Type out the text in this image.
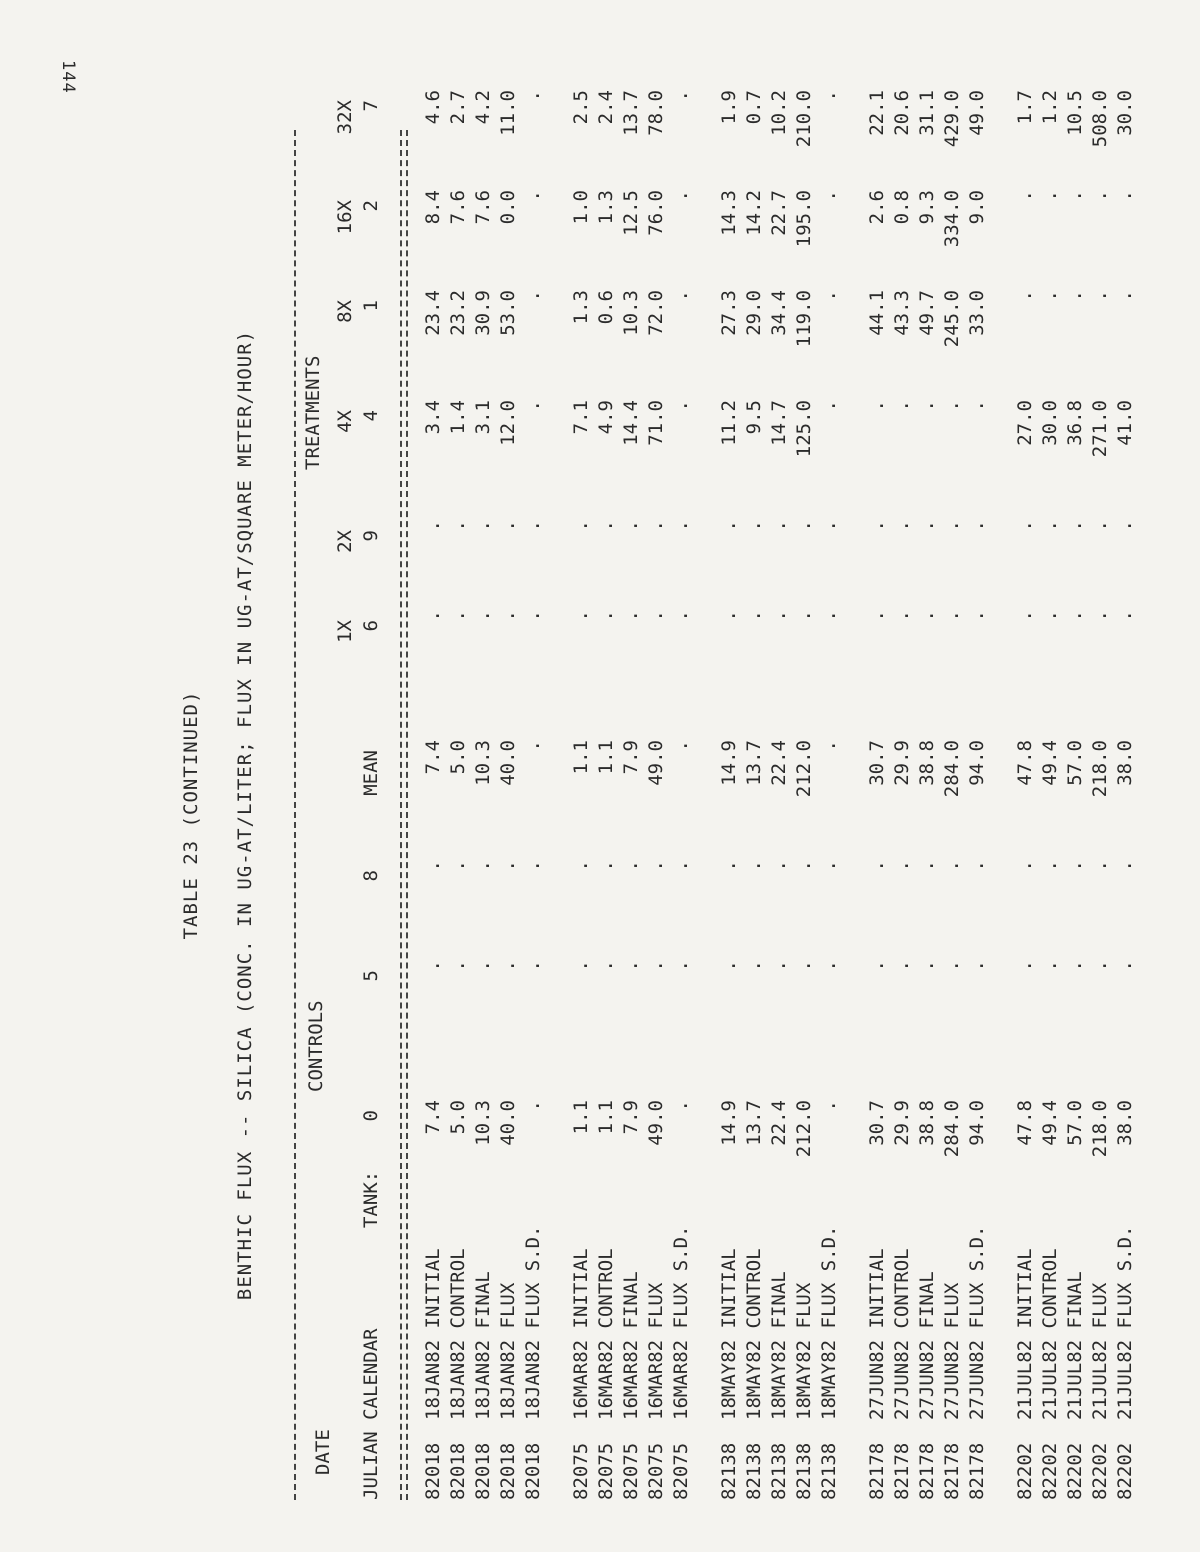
144
TABLE 23 (CONTINUED) BENTHIC FLUX -- SILICA (CONC. IN UG-AT/LITER; FLUX IN UG-AT/SQUARE METER/HOUR)
DATE
CONTROLS
TREATMENTS
1X
2X
4X
8X
16X
32X
JULIAN CALENDAR
TANK:
0
5
8
MEAN
6
9
4
1
2
7
82018
18JAN82 INITIAL
7.4
.
.
7.4
.
.
3.4
23.4
8.4
4.6
82018
18JAN82 CONTROL
5.0
.
.
5.0
.
.
1.4
23.2
7.6
2.7
82018
18JAN82 FINAL
10.3
.
.
10.3
.
.
3.1
30.9
7.6
4.2
82018
18JAN82 FLUX
40.0
.
.
40.0
.
.
12.0
53.0
0.0
11.0
82018
18JAN82 FLUX S.D.
.
.
.
.
.
.
.
.
.
.
82075
16MAR82 INITIAL
1.1
.
.
1.1
.
.
7.1
1.3
1.0
2.5
82075
16MAR82 CONTROL
1.1
.
.
1.1
.
.
4.9
0.6
1.3
2.4
82075
16MAR82 FINAL
7.9
.
.
7.9
.
.
14.4
10.3
12.5
13.7
82075
16MAR82 FLUX
49.0
.
.
49.0
.
.
71.0
72.0
76.0
78.0
82075
16MAR82 FLUX S.D.
.
.
.
.
.
.
.
.
.
.
82138
18MAY82 INITIAL
14.9
.
.
14.9
.
.
11.2
27.3
14.3
1.9
82138
18MAY82 CONTROL
13.7
.
.
13.7
.
.
9.5
29.0
14.2
0.7
82138
18MAY82 FINAL
22.4
.
.
22.4
.
.
14.7
34.4
22.7
10.2
82138
18MAY82 FLUX
212.0
.
.
212.0
.
.
125.0
119.0
195.0
210.0
82138
18MAY82 FLUX S.D.
.
.
.
.
.
.
.
.
.
.
82178
27JUN82 INITIAL
30.7
.
.
30.7
.
.
.
44.1
2.6
22.1
82178
27JUN82 CONTROL
29.9
.
.
29.9
.
.
.
43.3
0.8
20.6
82178
27JUN82 FINAL
38.8
.
.
38.8
.
.
.
49.7
9.3
31.1
82178
27JUN82 FLUX
284.0
.
.
284.0
.
.
.
245.0
334.0
429.0
82178
27JUN82 FLUX S.D.
94.0
.
.
94.0
.
.
.
33.0
9.0
49.0
82202
21JUL82 INITIAL
47.8
.
.
47.8
.
.
27.0
.
.
1.7
82202
21JUL82 CONTROL
49.4
.
.
49.4
.
.
30.0
.
.
1.2
82202
21JUL82 FINAL
57.0
.
.
57.0
.
.
36.8
.
.
10.5
82202
21JUL82 FLUX
218.0
.
.
218.0
.
.
271.0
.
.
508.0
82202
21JUL82 FLUX S.D.
38.0
.
.
38.0
.
.
41.0
.
.
30.0
